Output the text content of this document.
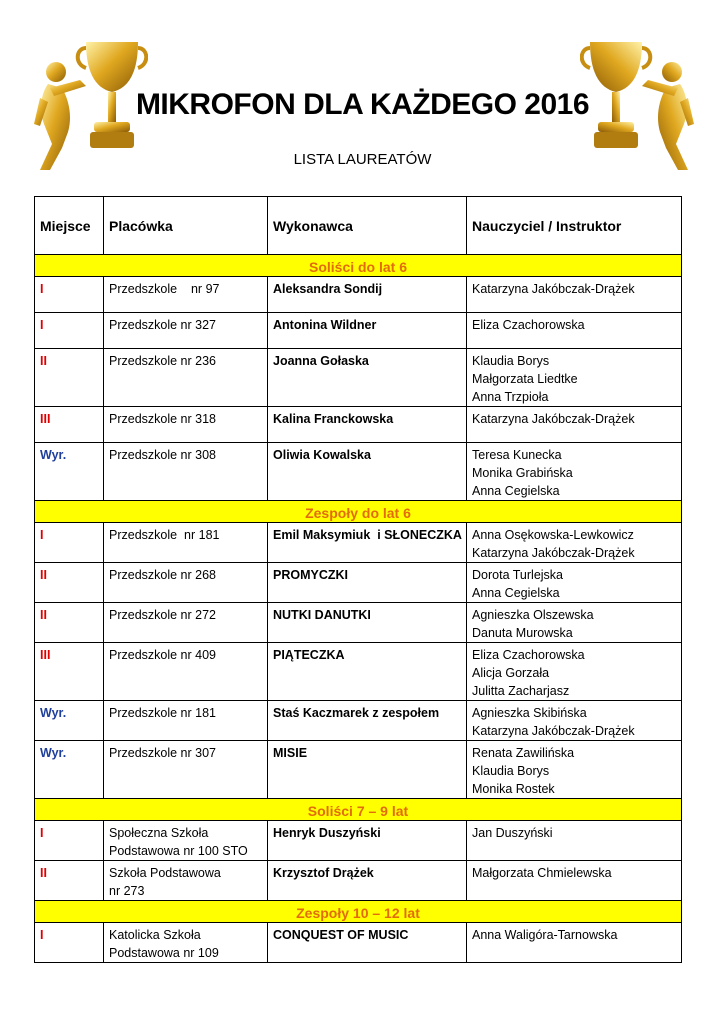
MIKROFON DLA KAŻDEGO 2016
LISTA LAUREATÓW
Miejsce	Placówka	Wykonawca	Nauczyciel / Instruktor
Soliści do lat 6			
I	Przedszkole    nr 97	Aleksandra Sondij	Katarzyna Jakóbczak-Drążek

I	Przedszkole nr 327	Antonina Wildner	Eliza Czachorowska

II	Przedszkole nr 236	Joanna Gołaska	Klaudia Borys
Małgorzata Liedtke
Anna Trzpioła

III	Przedszkole nr 318	Kalina Franckowska	Katarzyna Jakóbczak-Drążek

Wyr.	Przedszkole nr 308	Oliwia Kowalska	Teresa Kunecka
Monika Grabińska
Anna Cegielska

Zespoły do lat 6			
I	Przedszkole  nr 181	Emil Maksymiuk  i SŁONECZKA	Anna Osękowska-Lewkowicz
Katarzyna Jakóbczak-Drążek

II	Przedszkole nr 268	PROMYCZKI	Dorota Turlejska
Anna Cegielska

II	Przedszkole nr 272	NUTKI DANUTKI	Agnieszka Olszewska
Danuta Murowska

III	Przedszkole nr 409	PIĄTECZKA	Eliza Czachorowska
Alicja Gorzała
Julitta Zacharjasz

Wyr.	Przedszkole nr 181	Staś Kaczmarek z zespołem	Agnieszka Skibińska
Katarzyna Jakóbczak-Drążek

Wyr.	Przedszkole nr 307	MISIE	Renata Zawilińska
Klaudia Borys
Monika Rostek

Soliści 7 – 9 lat			
I	Społeczna Szkoła
Podstawowa nr 100 STO	Henryk Duszyński	Jan Duszyński

II	Szkoła Podstawowa
nr 273	Krzysztof Drążek	Małgorzata Chmielewska

Zespoły 10 – 12 lat			
I	Katolicka Szkoła
Podstawowa nr 109	CONQUEST OF MUSIC	Anna Waligóra-Tarnowska
